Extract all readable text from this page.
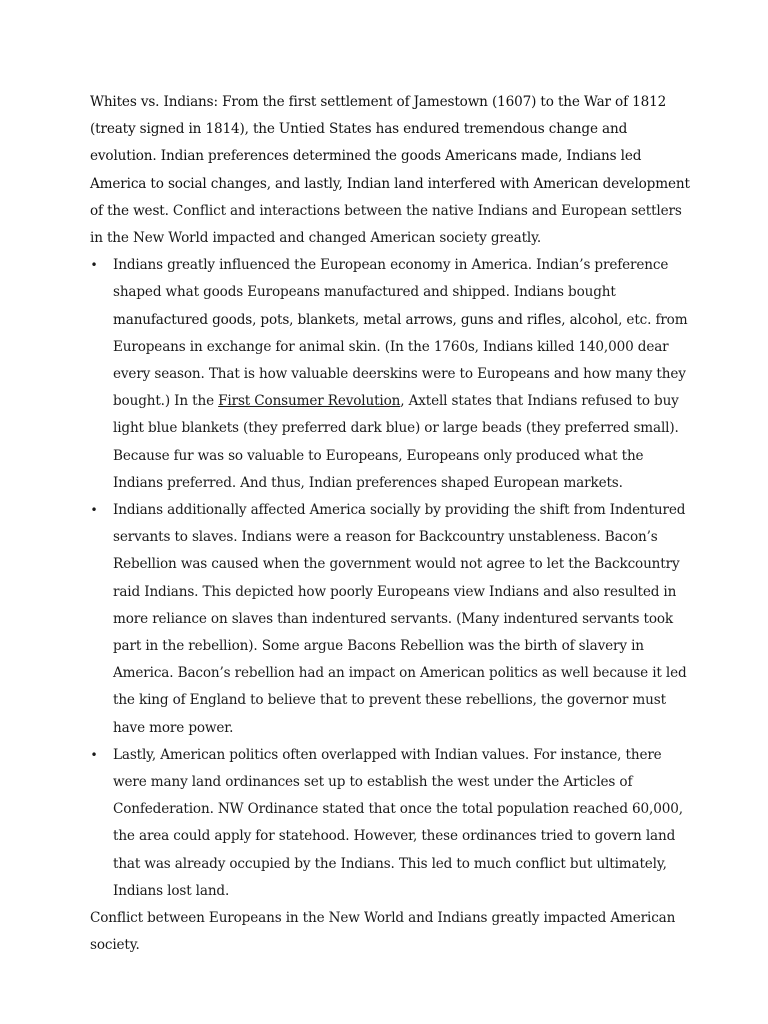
Whites vs. Indians: From the first settlement of Jamestown (1607) to the War of 1812 (treaty signed in 1814), the Untied States has endured tremendous change and evolution. Indian preferences determined the goods Americans made, Indians led America to social changes, and lastly, Indian land interfered with American development of the west. Conflict and interactions between the native Indians and European settlers in the New World impacted and changed American society greatly.

•
Indians greatly influenced the European economy in America. Indian’s preference shaped what goods Europeans manufactured and shipped. Indians bought manufactured goods, pots, blankets, metal arrows, guns and rifles, alcohol, etc. from Europeans in exchange for animal skin. (In the 1760s, Indians killed 140,000 dear every season. That is how valuable deerskins were to Europeans and how many they bought.) In the First Consumer Revolution, Axtell states that Indians refused to buy light blue blankets (they preferred dark blue) or large beads (they preferred small). Because fur was so valuable to Europeans, Europeans only produced what the Indians preferred. And thus, Indian preferences shaped European markets.
•
Indians additionally affected America socially by providing the shift from Indentured servants to slaves. Indians were a reason for Backcountry unstableness. Bacon’s Rebellion was caused when the government would not agree to let the Backcountry raid Indians. This depicted how poorly Europeans view Indians and also resulted in more reliance on slaves than indentured servants. (Many indentured servants took part in the rebellion). Some argue Bacons Rebellion was the birth of slavery in America. Bacon’s rebellion had an impact on American politics as well because it led the king of England to believe that to prevent these rebellions, the governor must have more power.
•
Lastly, American politics often overlapped with Indian values. For instance, there were many land ordinances set up to establish the west under the Articles of Confederation. NW Ordinance stated that once the total population reached 60,000, the area could apply for statehood. However, these ordinances tried to govern land that was already occupied by the Indians. This led to much conflict but ultimately, Indians lost land.

Conflict between Europeans in the New World and Indians greatly impacted American society.
